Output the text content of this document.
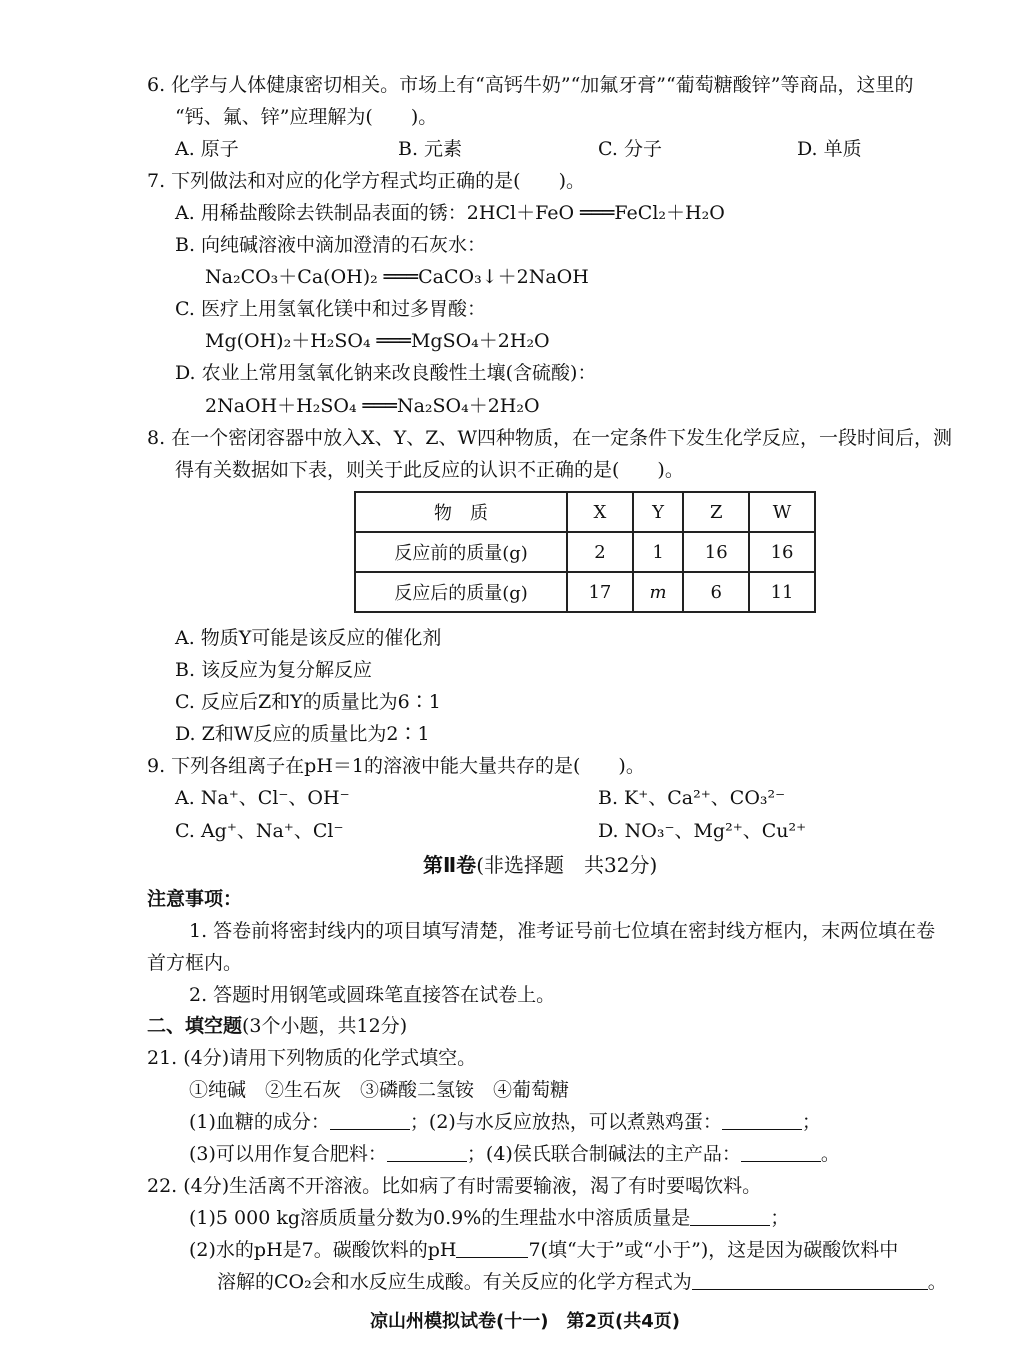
6. 化学与人体健康密切相关。市场上有“高钙牛奶”“加氟牙膏”“葡萄糖酸锌”等商品，这里的
“钙、氟、锌”应理解为(　　)。
A. 原子	B. 元素	C. 分子	D. 单质
7. 下列做法和对应的化学方程式均正确的是(　　)。
A. 用稀盐酸除去铁制品表面的锈：2HCl＋FeO ═══FeCl₂＋H₂O
B. 向纯碱溶液中滴加澄清的石灰水：
Na₂CO₃＋Ca(OH)₂ ═══CaCO₃↓＋2NaOH
C. 医疗上用氢氧化镁中和过多胃酸：
Mg(OH)₂＋H₂SO₄ ═══MgSO₄＋2H₂O
D. 农业上常用氢氧化钠来改良酸性土壤(含硫酸)：
2NaOH＋H₂SO₄ ═══Na₂SO₄＋2H₂O
8. 在一个密闭容器中放入X、Y、Z、W四种物质，在一定条件下发生化学反应，一段时间后，测
得有关数据如下表，则关于此反应的认识不正确的是(　　)。
物　质	X	Y	Z	W
反应前的质量(g)	2	1	16	16
反应后的质量(g)	17	m	6	11
A. 物质Y可能是该反应的催化剂
B. 该反应为复分解反应
C. 反应后Z和Y的质量比为6∶1
D. Z和W反应的质量比为2∶1
9. 下列各组离子在pH＝1的溶液中能大量共存的是(　　)。
A. Na⁺、Cl⁻、OH⁻	B. K⁺、Ca²⁺、CO₃²⁻
C. Ag⁺、Na⁺、Cl⁻	D. NO₃⁻、Mg²⁺、Cu²⁺
第Ⅱ卷(非选择题　共32分)
注意事项：
1. 答卷前将密封线内的项目填写清楚，准考证号前七位填在密封线方框内，末两位填在卷
首方框内。
2. 答题时用钢笔或圆珠笔直接答在试卷上。
二、填空题(3个小题，共12分)
21. (4分)请用下列物质的化学式填空。
①纯碱　②生石灰　③磷酸二氢铵　④葡萄糖
(1)血糖的成分：	；(2)与水反应放热，可以煮熟鸡蛋：	；
(3)可以用作复合肥料：	；(4)侯氏联合制碱法的主产品：	。
22. (4分)生活离不开溶液。比如病了有时需要输液，渴了有时要喝饮料。
(1)5 000 kg溶质质量分数为0.9%的生理盐水中溶质质量是	；
(2)水的pH是7。碳酸饮料的pH	7(填“大于”或“小于”)，这是因为碳酸饮料中
溶解的CO₂会和水反应生成酸。有关反应的化学方程式为	。
凉山州模拟试卷(十一)　第2页(共4页)
